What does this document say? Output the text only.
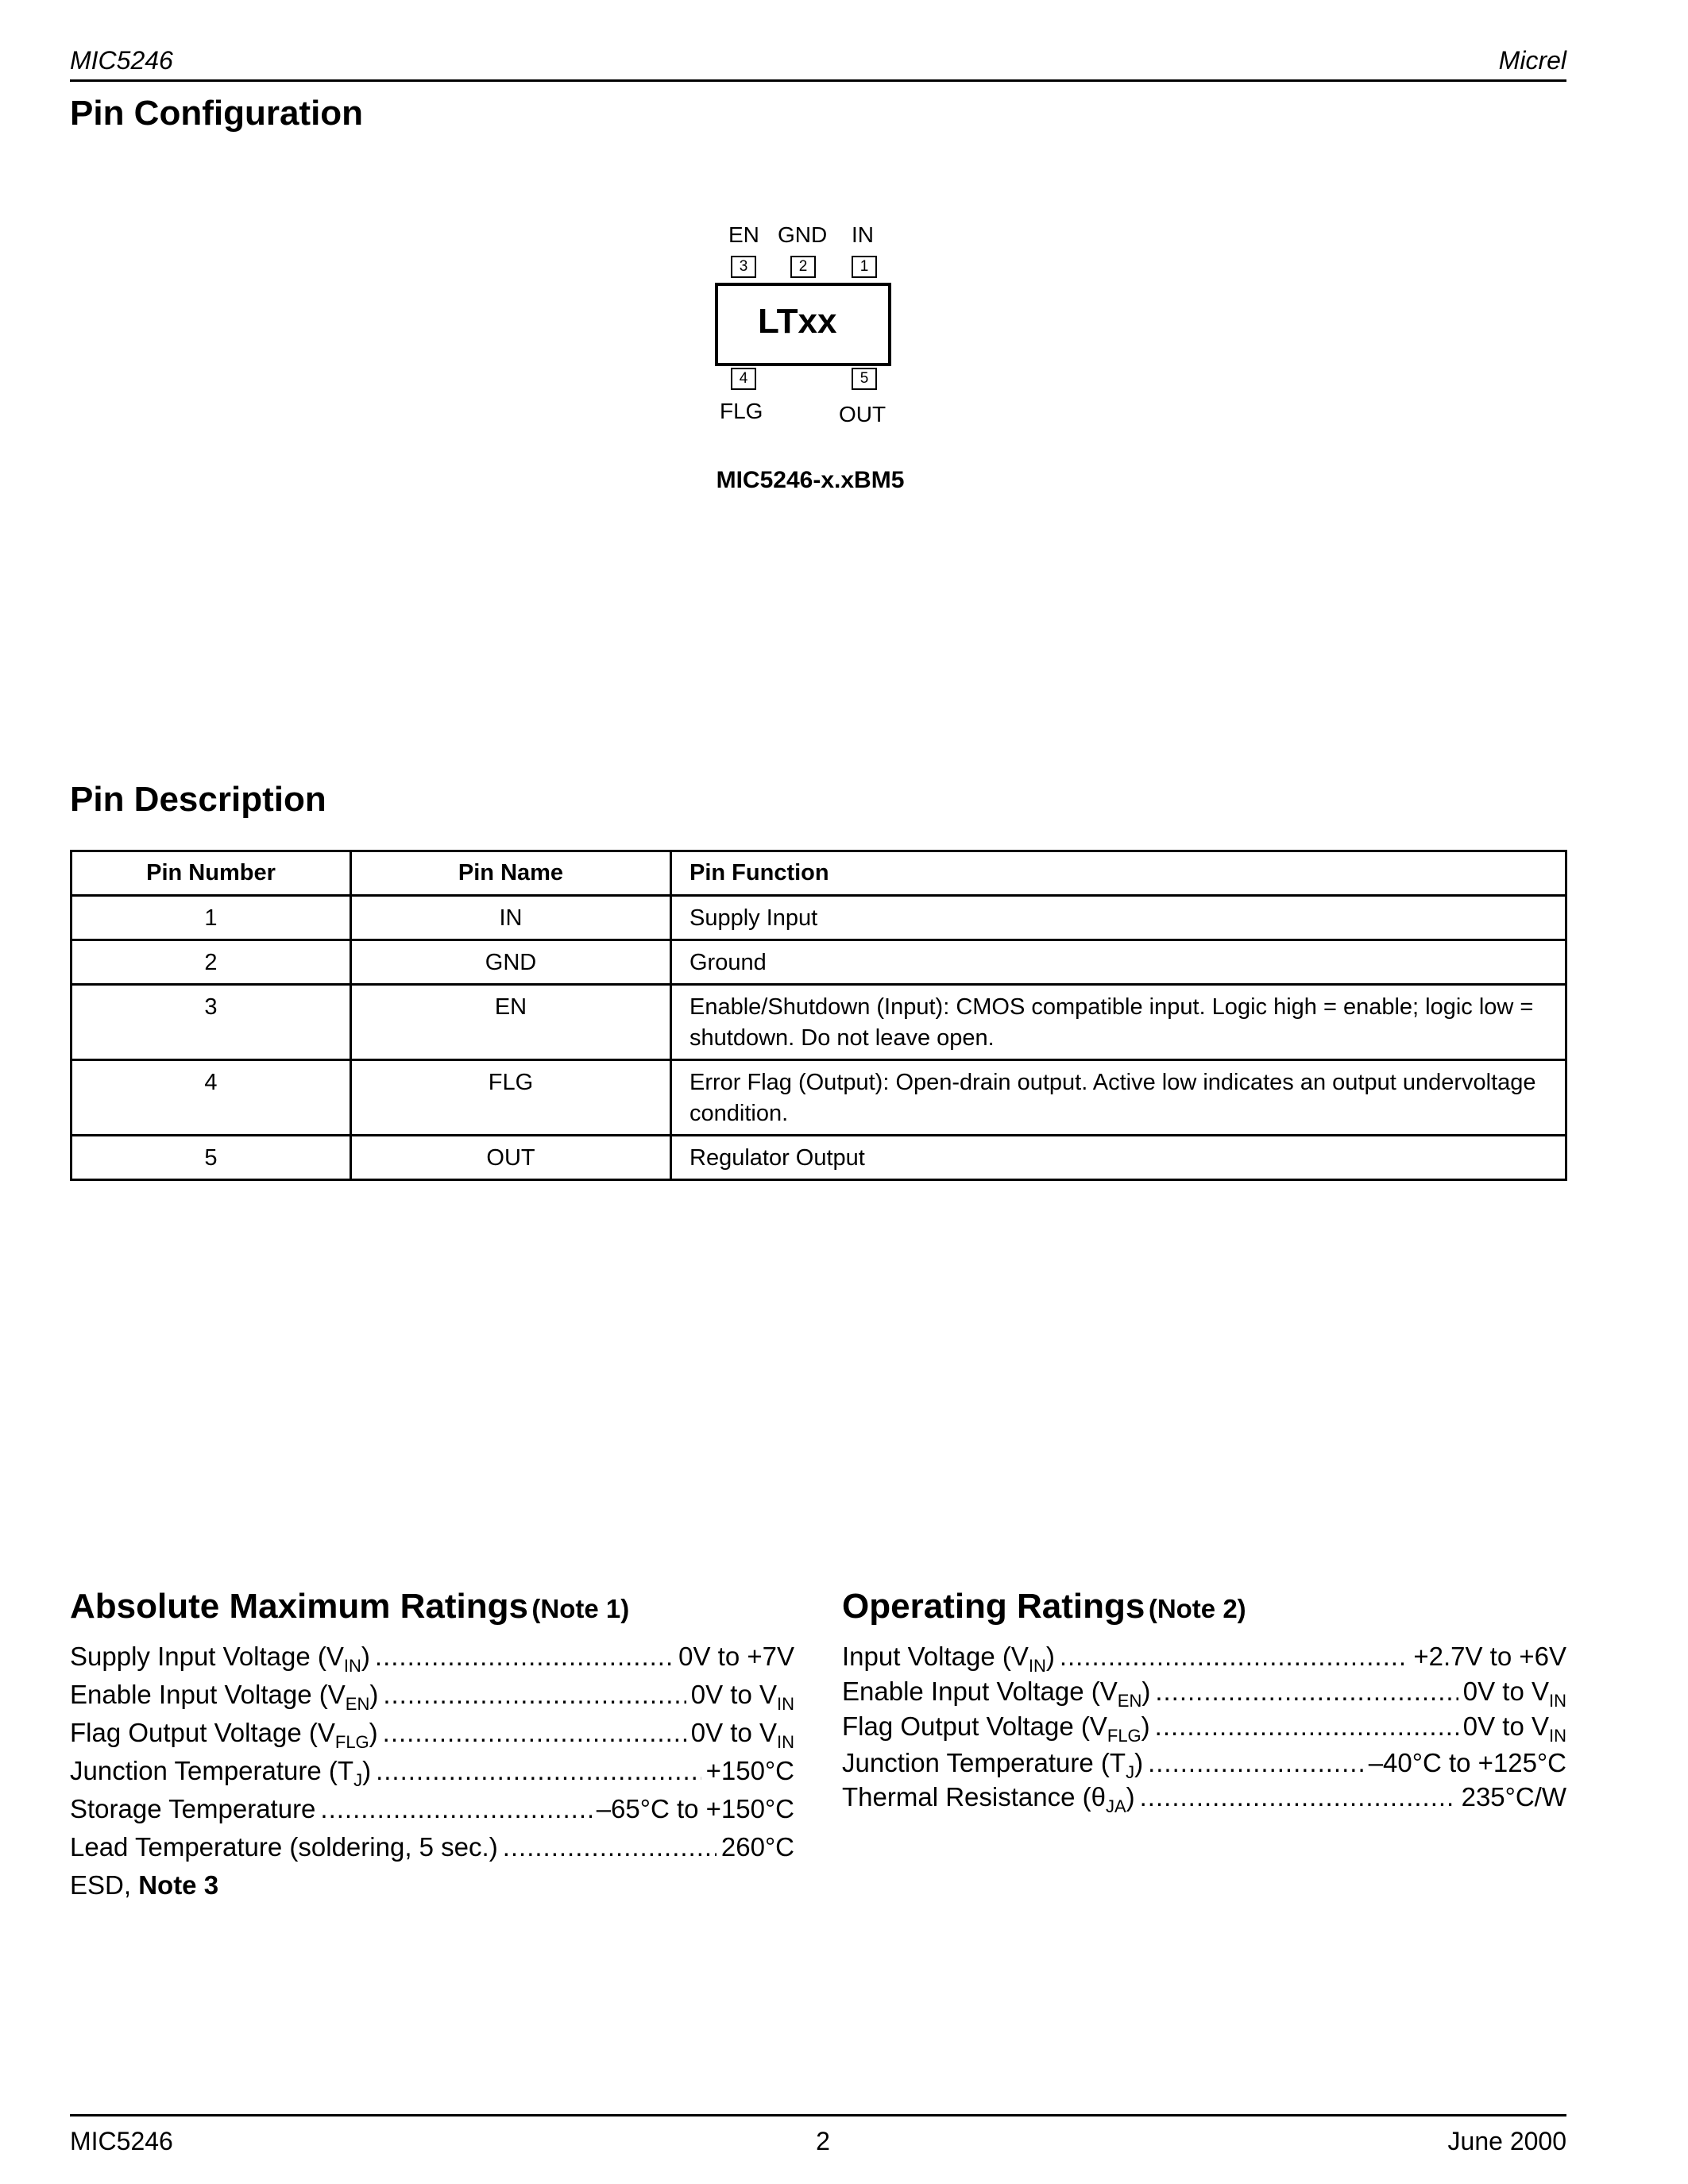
MIC5246	Micrel
Pin Configuration
EN GND IN
3	2	1
LTxx
4	5
FLG	OUT
MIC5246-x.xBM5
Pin Description
Pin Number	Pin Name	Pin Function
1	IN	Supply Input
2	GND	Ground
3	EN	Enable/Shutdown (Input): CMOS compatible input. Logic high = enable; logic low = shutdown. Do not leave open.
4	FLG	Error Flag (Output): Open-drain output. Active low indicates an output undervoltage condition.
5	OUT	Regulator Output
Absolute Maximum Ratings (Note 1)
Supply Input Voltage $(V_{IN})$ .....	0V to +7V
Enable Input Voltage $(V_{EN})$ .....	0V to $V_{IN}$
Flag Output Voltage $(V_{FLG})$ .....	0V to $V_{IN}$
Junction Temperature $(T_J)$ .....	+150°C
Storage Temperature .....	–65°C to +150°C
Lead Temperature (soldering, 5 sec.) .....	260°C
ESD, Note 3
Operating Ratings (Note 2)
Input Voltage $(V_{IN})$ .....	+2.7V to +6V
Enable Input Voltage $(V_{EN})$ .....	0V to $V_{IN}$
Flag Output Voltage $(V_{FLG})$ .....	0V to $V_{IN}$
Junction Temperature $(T_J)$ .....	–40°C to +125°C
Thermal Resistance $(\theta_{JA})$ .....	235°C/W
MIC5246	2	June 2000
